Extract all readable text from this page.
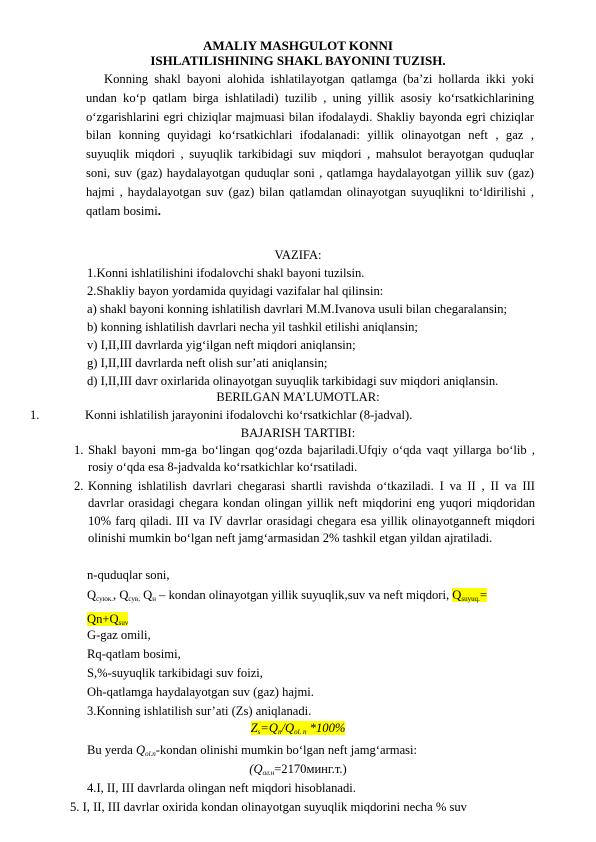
AMALIY MASHGULOT KONNI
ISHLATILISHINING SHAKL BAYONINI TUZISH.

Konning shakl bayoni alohida ishlatilayotgan qatlamga (ba’zi hollarda ikki yoki undan ko‘p qatlam birga ishlatiladi) tuzilib , uning yillik asosiy ko‘rsatkichlarining o‘zgarishlarini egri chiziqlar majmuasi bilan ifodalaydi. Shakliy bayonda egri chiziqlar bilan konning quyidagi ko‘rsatkichlari ifodalanadi: yillik olinayotgan neft , gaz , suyuqlik miqdori , suyuqlik tarkibidagi suv miqdori , mahsulot berayotgan quduqlar soni, suv (gaz) haydalayotgan quduqlar soni , qatlamga haydalayotgan yillik suv (gaz) hajmi , haydalayotgan suv (gaz) bilan qatlamdan olinayotgan suyuqlikni to‘ldirilishi , qatlam bosimi.

VAZIFA:

1.Konni ishlatilishini ifodalovchi shakl bayoni tuzilsin.

2.Shakliy bayon yordamida quyidagi vazifalar hal qilinsin:

a) shakl bayoni konning ishlatilish davrlari M.M.Ivanova usuli bilan chegaralansin;

b) konning ishlatilish davrlari necha yil tashkil etilishi aniqlansin;

v) I,II,III davrlarda yig‘ilgan neft miqdori aniqlansin;

g) I,II,III davrlarda neft olish sur’ati aniqlansin;

d) I,II,III davr oxirlarida olinayotgan suyuqlik tarkibidagi suv miqdori aniqlansin.

BERILGAN MA’LUMOTLAR:

1.	Konni ishlatilish jarayonini ifodalovchi ko‘rsatkichlar (8-jadval).

BAJARISH TARTIBI:

1. Shakl bayoni mm-ga bo‘lingan qog‘ozda bajariladi.Ufqiy o‘qda vaqt yillarga bo‘lib , rosiy o‘qda esa 8-jadvalda ko‘rsatkichlar ko‘rsatiladi.
2. Konning ishlatilish davrlari chegarasi shartli ravishda o‘tkaziladi. I va II , II va III davrlar orasidagi chegara kondan olingan yillik neft miqdorini eng yuqori miqdoridan 10% farq qiladi. III va IV davrlar orasidagi chegara esa yillik olinayotganneft miqdori olinishi mumkin bo‘lgan neft jamg‘armasidan 2% tashkil etgan yildan ajratiladi.

n-quduqlar soni,

$Q_{суюк.}$, $Q_{сув,}$ $Q_н$ – kondan olinayotgan yillik suyuqlik,suv va neft miqdori, $Q_{suyuq.}=$
$Qn+Q_{suv}$

G-gaz omili,

Rq-qatlam bosimi,

S,%-suyuqlik tarkibidagi suv foizi,

Oh-qatlamga haydalayotgan suv (gaz) hajmi.

3.Konning ishlatilish sur’ati (Zs) aniqlanadi.

$Z_s=Q_n/Q_{ol. n}$ *100%

Bu yerda $Q_{ol.n}$-kondan olinishi mumkin bo‘lgan neft jamg‘armasi:

$(Q_{ол.н}=2170минг.т.)$

4.I, II, III davrlarda olingan neft miqdori hisoblanadi.

5. I, II, III davrlar oxirida kondan olinayotgan suyuqlik miqdorini necha % suv
